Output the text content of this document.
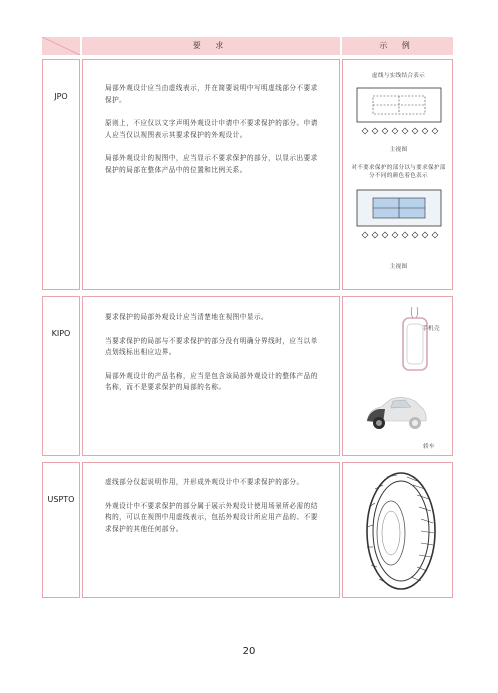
要 求	示 例
JPO

局部外观设计应当由虚线表示，并在简要说明中写明虚线部分不要求保护。

原则上，不应仅以文字声明外观设计申请中不要求保护的部分。申请人应当仅以视图表示其要求保护的外观设计。

局部外观设计的视图中，应当显示不要求保护的部分，以显示出要求保护的局部在整体产品中的位置和比例关系。

虚线与实线结合表示
主视图
对不要求保护的部分以与要求保护部分不同的颜色着色表示
主视图
KIPO

要求保护的局部外观设计应当清楚地在视图中显示。

当要求保护的局部与不要求保护的部分没有明确分界线时，应当以单点划线标出相应边界。

局部外观设计的产品名称，应当是包含该局部外观设计的整体产品的名称，而不是要求保护的局部的名称。

手机壳
轿车
USPTO

虚线部分仅起说明作用，并形成外观设计中不要求保护的部分。

外观设计中不要求保护的部分属于展示外观设计使用场景所必需的结构的，可以在视图中用虚线表示，包括外观设计所应用产品的、不要求保护的其他任何部分。

20
